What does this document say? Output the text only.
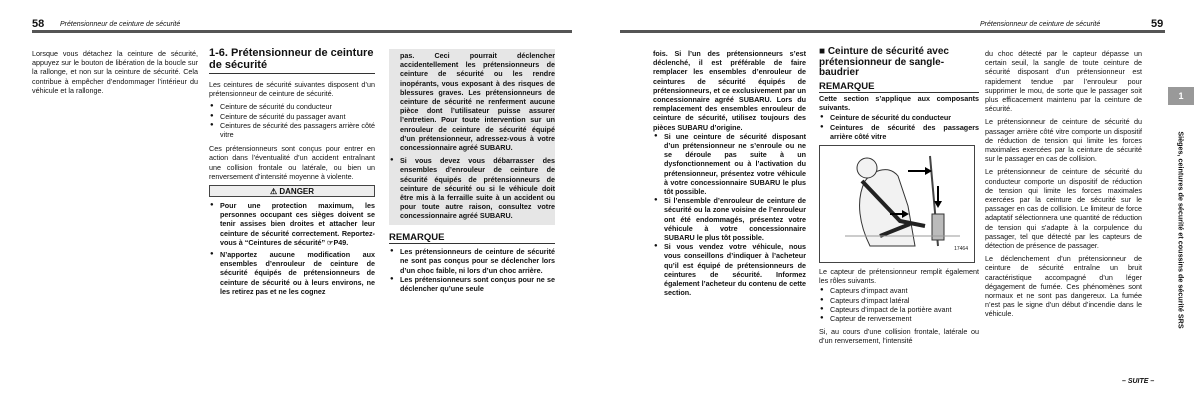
58 Prétensionneur de ceinture de sécurité	Prétensionneur de ceinture de sécurité	59

Lorsque vous détachez la ceinture de sécurité, appuyez sur le bouton de libération de la boucle sur la rallonge, et non sur la ceinture de sécurité. Cela contribue à empêcher d’endommager l’intérieur du véhicule et la rallonge.

1-6. Prétensionneur de ceinture de sécurité

Les ceintures de sécurité suivantes disposent d’un prétensionneur de ceinture de sécurité.

● Ceinture de sécurité du conducteur
● Ceinture de sécurité du passager avant
● Ceintures de sécurité des passagers arrière côté vitre

Ces prétensionneurs sont conçus pour entrer en action dans l’éventualité d’un accident entraînant une collision frontale ou latérale, ou bien un renversement d’intensité moyenne à violente.

⚠ DANGER
● Pour une protection maximum, les personnes occupant ces sièges doivent se tenir assises bien droites et attacher leur ceinture de sécurité correctement. Reportez-vous à “Ceintures de sécurité” ☞P49.
● N’apportez aucune modification aux ensembles d’enrouleur de ceinture de sécurité équipés de prétensionneurs de ceinture de sécurité ou à leurs environs, ne les retirez pas et ne les cognez

pas. Ceci pourrait déclencher accidentellement les prétensionneurs de ceinture de sécurité ou les rendre inopérants, vous exposant à des risques de blessures graves. Les prétensionneurs de ceinture de sécurité ne renferment aucune pièce dont l’utilisateur puisse assurer l’entretien. Pour toute intervention sur un enrouleur de ceinture de sécurité équipé d’un prétensionneur, adressez-vous à votre concessionnaire agréé SUBARU.

● Si vous devez vous débarrasser des ensembles d’enrouleur de ceinture de sécurité équipés de prétensionneurs de ceinture de sécurité ou si le véhicule doit être mis à la ferraille suite à un accident ou pour toute autre raison, consultez votre concessionnaire agréé SUBARU.
REMARQUE
● Les prétensionneurs de ceinture de sécurité ne sont pas conçus pour se déclencher lors d’un choc faible, ni lors d’un choc arrière.
● Les prétensionneurs sont conçus pour ne se déclencher qu’une seule

fois. Si l’un des prétensionneurs s’est déclenché, il est préférable de faire remplacer les ensembles d’enrouleur de ceintures de sécurité équipés de prétensionneurs, et ce exclusivement par un concessionnaire agréé SUBARU. Lors du remplacement des ensembles enrouleur de ceinture de sécurité, utilisez toujours des pièces SUBARU d’origine.

● Si une ceinture de sécurité disposant d’un prétensionneur ne s’enroule ou ne se déroule pas suite à un dysfonctionnement ou à l’activation du prétensionneur, présentez votre véhicule à votre concessionnaire SUBARU le plus tôt possible.
● Si l’ensemble d’enrouleur de ceinture de sécurité ou la zone voisine de l’enrouleur ont été endommagés, présentez votre véhicule à votre concessionnaire SUBARU le plus tôt possible.
● Si vous vendez votre véhicule, nous vous conseillons d’indiquer à l’acheteur qu’il est équipé de prétensionneurs de ceintures de sécurité. Informez également l’acheteur du contenu de cette section.
■ Ceinture de sécurité avec prétensionneur de sangle-baudrier
REMARQUE

Cette section s’applique aux composants suivants.

● Ceinture de sécurité du conducteur
● Ceintures de sécurité des passagers arrière côté vitre
17464

Le capteur de prétensionneur remplit également les rôles suivants.

● Capteurs d’impact avant
● Capteurs d’impact latéral
● Capteurs d’impact de la portière avant
● Capteur de renversement

Si, au cours d’une collision frontale, latérale ou d’un renversement, l’intensité

du choc détecté par le capteur dépasse un certain seuil, la sangle de toute ceinture de sécurité disposant d’un prétensionneur est rapidement tendue par l’enrouleur pour supprimer le mou, de sorte que le passager soit plus efficacement maintenu par la ceinture de sécurité.

Le prétensionneur de ceinture de sécurité du passager arrière côté vitre comporte un dispositif de réduction de tension qui limite les forces maximales exercées par la ceinture de sécurité sur le passager en cas de collision.

Le prétensionneur de ceinture de sécurité du conducteur comporte un dispositif de réduction de tension qui limite les forces maximales exercées par la ceinture de sécurité sur le passager en cas de collision. Le limiteur de force adaptatif sélectionnera une quantité de réduction de tension qui s’adapte à la corpulence du passager, tel que détecté par les capteurs de détection de présence de passager.

Le déclenchement d’un prétensionneur de ceinture de sécurité entraîne un bruit caractéristique accompagné d’un léger dégagement de fumée. Ces phénomènes sont normaux et ne sont pas dangereux. La fumée n’est pas le signe d’un début d’incendie dans le véhicule.

1
Sièges, ceintures de sécurité et coussins de sécurité SRS
– SUITE –
